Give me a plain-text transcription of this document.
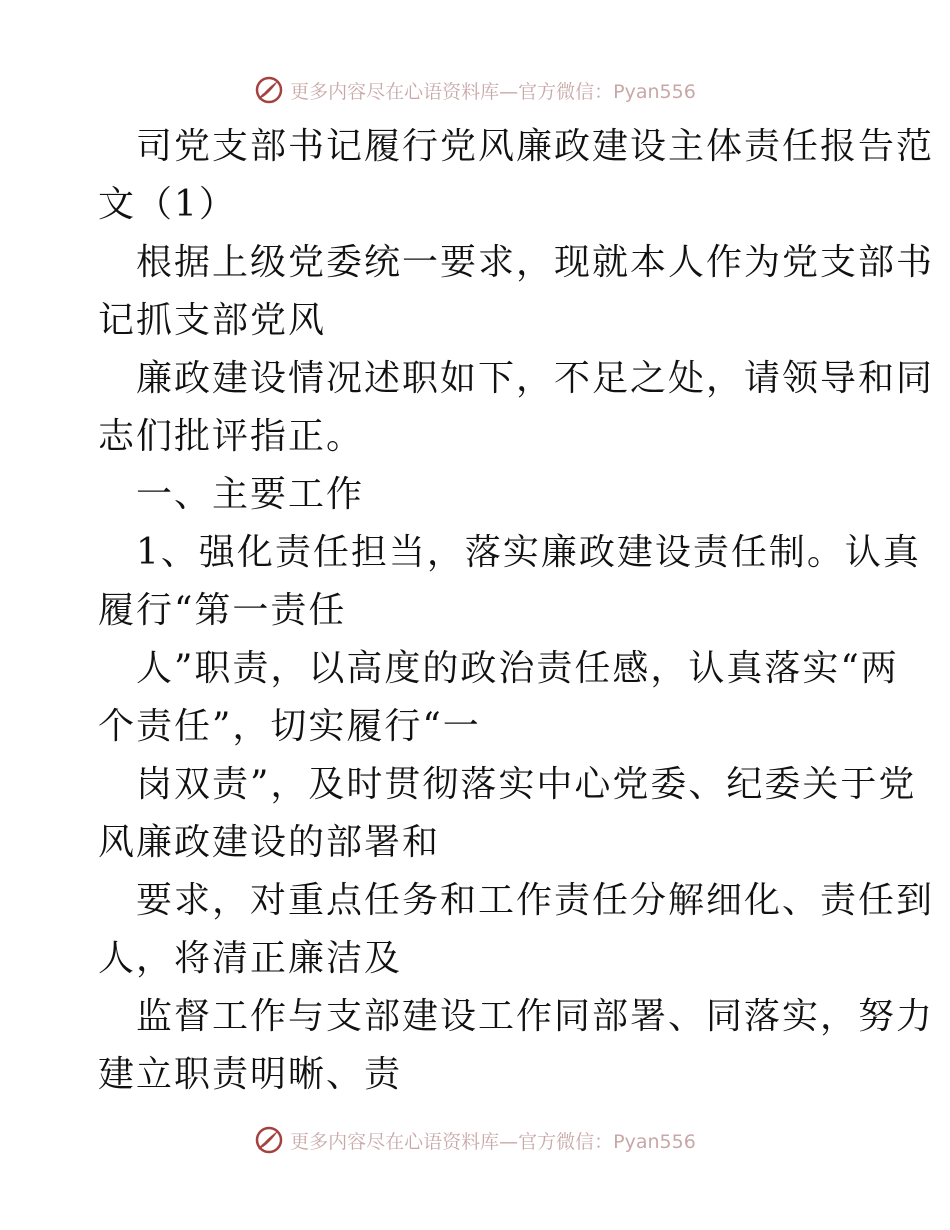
更多内容尽在心语资料库—官方微信：Pyan556
司党支部书记履行党风廉政建设主体责任报告范
文（1）
根据上级党委统一要求，现就本人作为党支部书
记抓支部党风
廉政建设情况述职如下，不足之处，请领导和同
志们批评指正。
一、主要工作
1、强化责任担当，落实廉政建设责任制。认真
履行“第一责任
人”职责，以高度的政治责任感，认真落实“两
个责任”，切实履行“一
岗双责”，及时贯彻落实中心党委、纪委关于党
风廉政建设的部署和
要求，对重点任务和工作责任分解细化、责任到
人，将清正廉洁及
监督工作与支部建设工作同部署、同落实，努力
建立职责明晰、责
更多内容尽在心语资料库—官方微信：Pyan556
